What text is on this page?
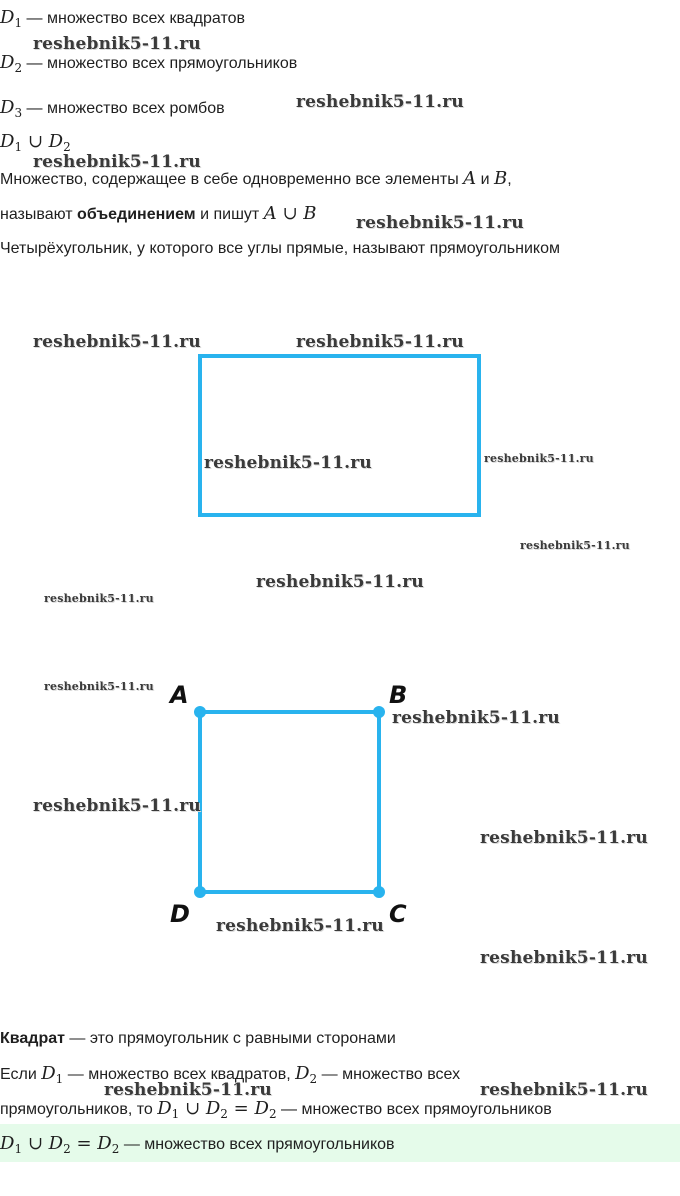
$D_1$ — множество всех квадратов
$D_2$ — множество всех прямоугольников
$D_3$ — множество всех ромбов
$D_1$ ∪ $D_2$
Множество, содержащее в себе одновременно все элементы A и B,
называют объединением и пишут A ∪ B
Четырёхугольник, у которого все углы прямые, называют прямоугольником
A	B
C
D
Квадрат — это прямоугольник с равными сторонами
Если $D_1$ — множество всех квадратов, $D_2$ — множество всех
прямоугольников, то $D_1$ ∪ $D_2 = D_2$ — множество всех прямоугольников
$D_1$ ∪ $D_2 = D_2$ — множество всех прямоугольников
reshebnik5-11.ru
reshebnik5-11.ru
reshebnik5-11.ru
reshebnik5-11.ru
reshebnik5-11.ru	reshebnik5-11.ru
reshebnik5-11.ru	reshebnik5-11.ru
reshebnik5-11.ru
reshebnik5-11.ru
reshebnik5-11.ru
reshebnik5-11.ru
reshebnik5-11.ru
reshebnik5-11.ru
reshebnik5-11.ru
reshebnik5-11.ru
reshebnik5-11.ru
reshebnik5-11.ru	reshebnik5-11.ru
